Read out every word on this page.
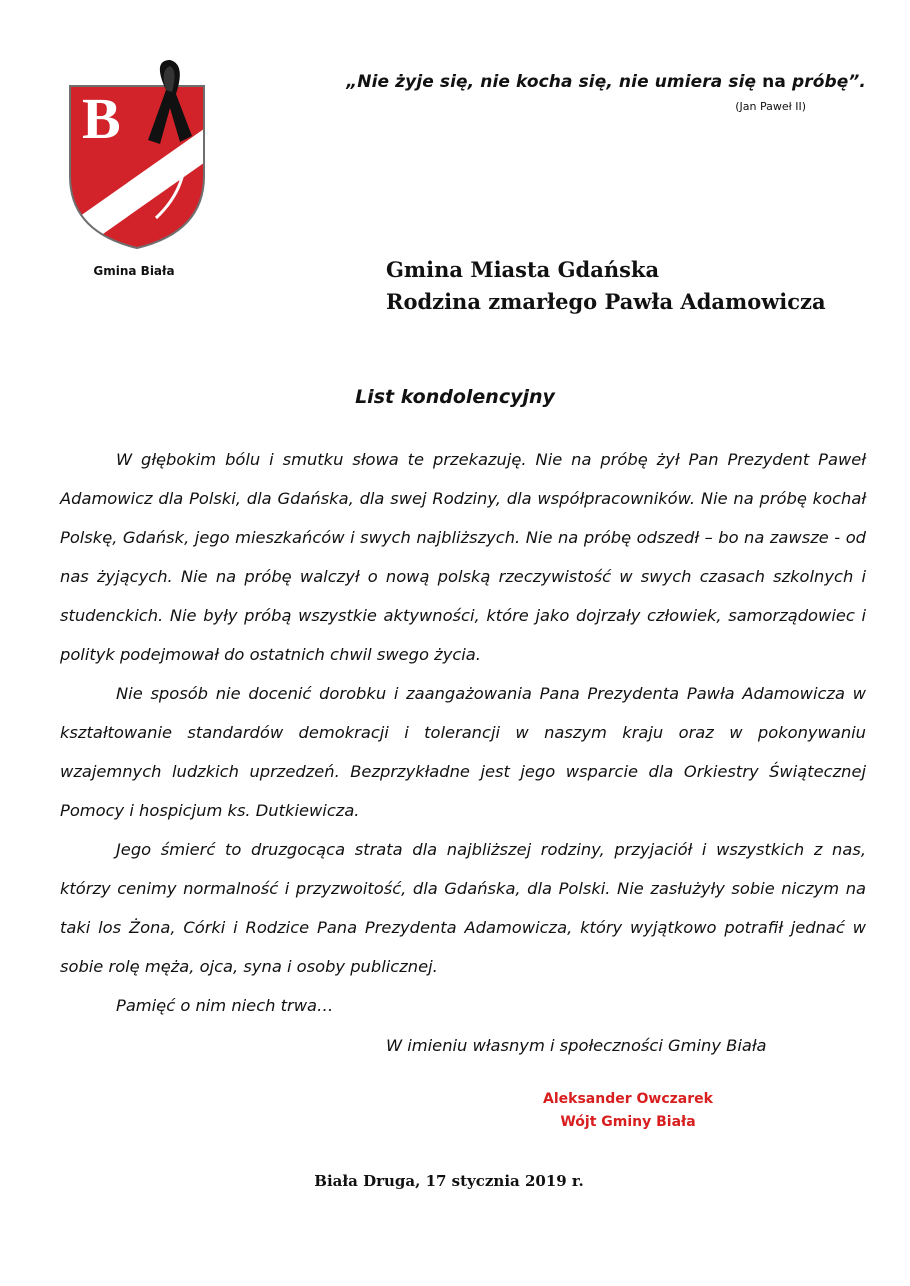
B
Gmina Biała
„Nie żyje się, nie kocha się, nie umiera się na próbę”.
(Jan Paweł II)
Gmina Miasta Gdańska
Rodzina zmarłego Pawła Adamowicza
List kondolencyjny

W głębokim bólu i smutku słowa te przekazuję. Nie na próbę żył Pan Prezydent Paweł Adamowicz dla Polski, dla Gdańska, dla swej Rodziny, dla współpracowników. Nie na próbę kochał Polskę, Gdańsk, jego mieszkańców i swych najbliższych. Nie na próbę odszedł – bo na zawsze - od nas żyjących. Nie na próbę walczył o nową polską rzeczywistość w swych czasach szkolnych i studenckich. Nie były próbą wszystkie aktywności, które jako dojrzały człowiek, samorządowiec i polityk podejmował do ostatnich chwil swego życia.

Nie sposób nie docenić dorobku i zaangażowania Pana Prezydenta Pawła Adamowicza w kształtowanie standardów demokracji i tolerancji w naszym kraju oraz w pokonywaniu wzajemnych ludzkich uprzedzeń. Bezprzykładne jest jego wsparcie dla Orkiestry Świątecznej Pomocy i hospicjum ks. Dutkiewicza.

Jego śmierć to druzgocąca strata dla najbliższej rodziny, przyjaciół i wszystkich z nas, którzy cenimy normalność i przyzwoitość, dla Gdańska, dla Polski. Nie zasłużyły sobie niczym na taki los Żona, Córki i Rodzice Pana Prezydenta Adamowicza, który wyjątkowo potrafił jednać w sobie rolę męża, ojca, syna i osoby publicznej.

Pamięć o nim niech trwa…

W imieniu własnym i społeczności Gminy Biała
Aleksander Owczarek
Wójt Gminy Biała
Biała Druga, 17 stycznia 2019 r.
